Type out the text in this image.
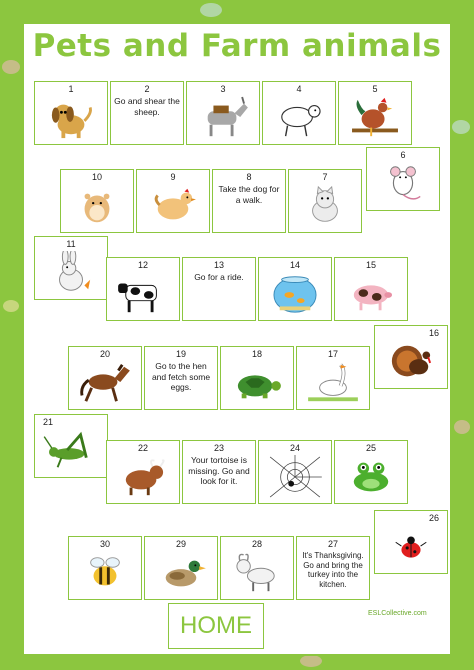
Pets and Farm animals
1	2
Go and shear the sheep.
3	4	5
6
10	9	8
Take the dog for a walk.
7
11
12	13
Go for a ride.
14	15
16
20	19
Go to the hen and fetch some eggs.
18	17
21
22	23
Your tortoise is missing. Go and look for it.
24	25
26
30	29	28	27
It's Thanksgiving. Go and bring the turkey into the kitchen.
ESLCollective.com
HOME
